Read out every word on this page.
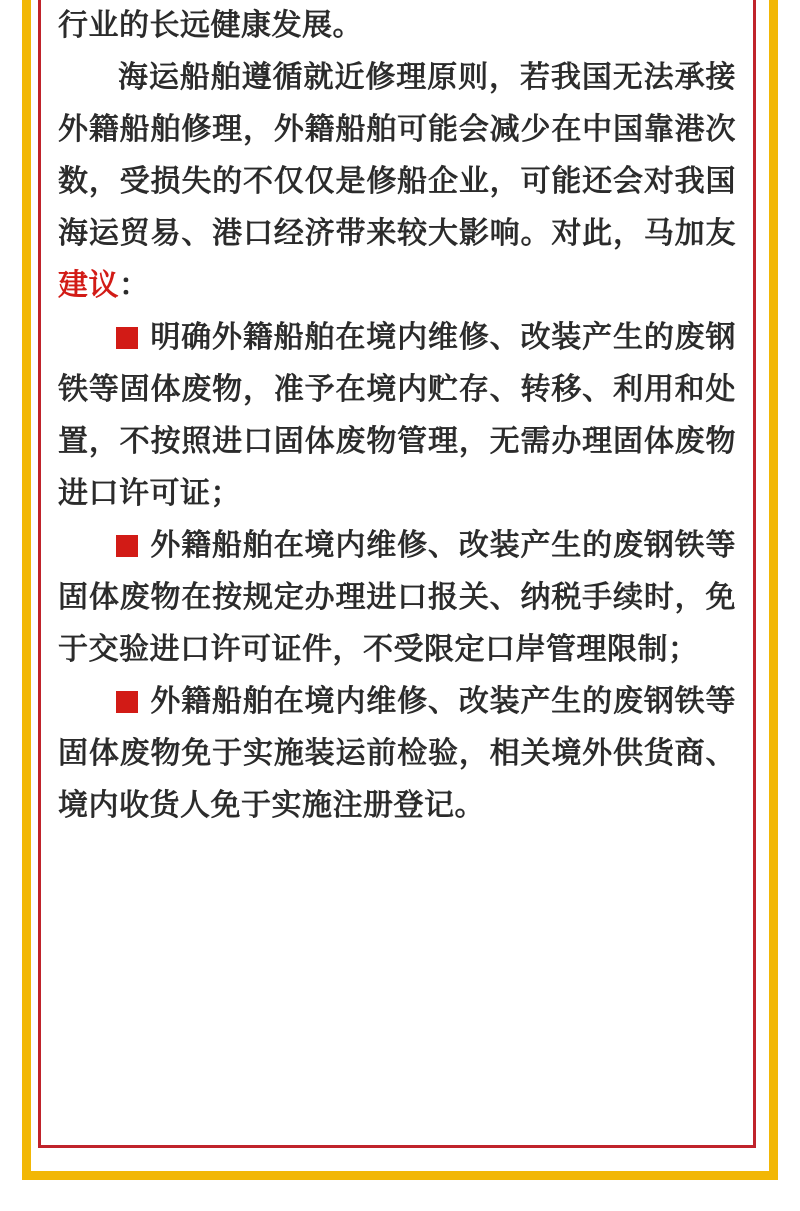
行业的长远健康发展。

海运船舶遵循就近修理原则，若我国无法承接外籍船舶修理，外籍船舶可能会减少在中国靠港次数，受损失的不仅仅是修船企业，可能还会对我国海运贸易、港口经济带来较大影响。对此，马加友建议：

明确外籍船舶在境内维修、改装产生的废钢铁等固体废物，准予在境内贮存、转移、利用和处置，不按照进口固体废物管理，无需办理固体废物进口许可证；

外籍船舶在境内维修、改装产生的废钢铁等固体废物在按规定办理进口报关、纳税手续时，免于交验进口许可证件，不受限定口岸管理限制；

外籍船舶在境内维修、改装产生的废钢铁等固体废物免于实施装运前检验，相关境外供货商、境内收货人免于实施注册登记。
